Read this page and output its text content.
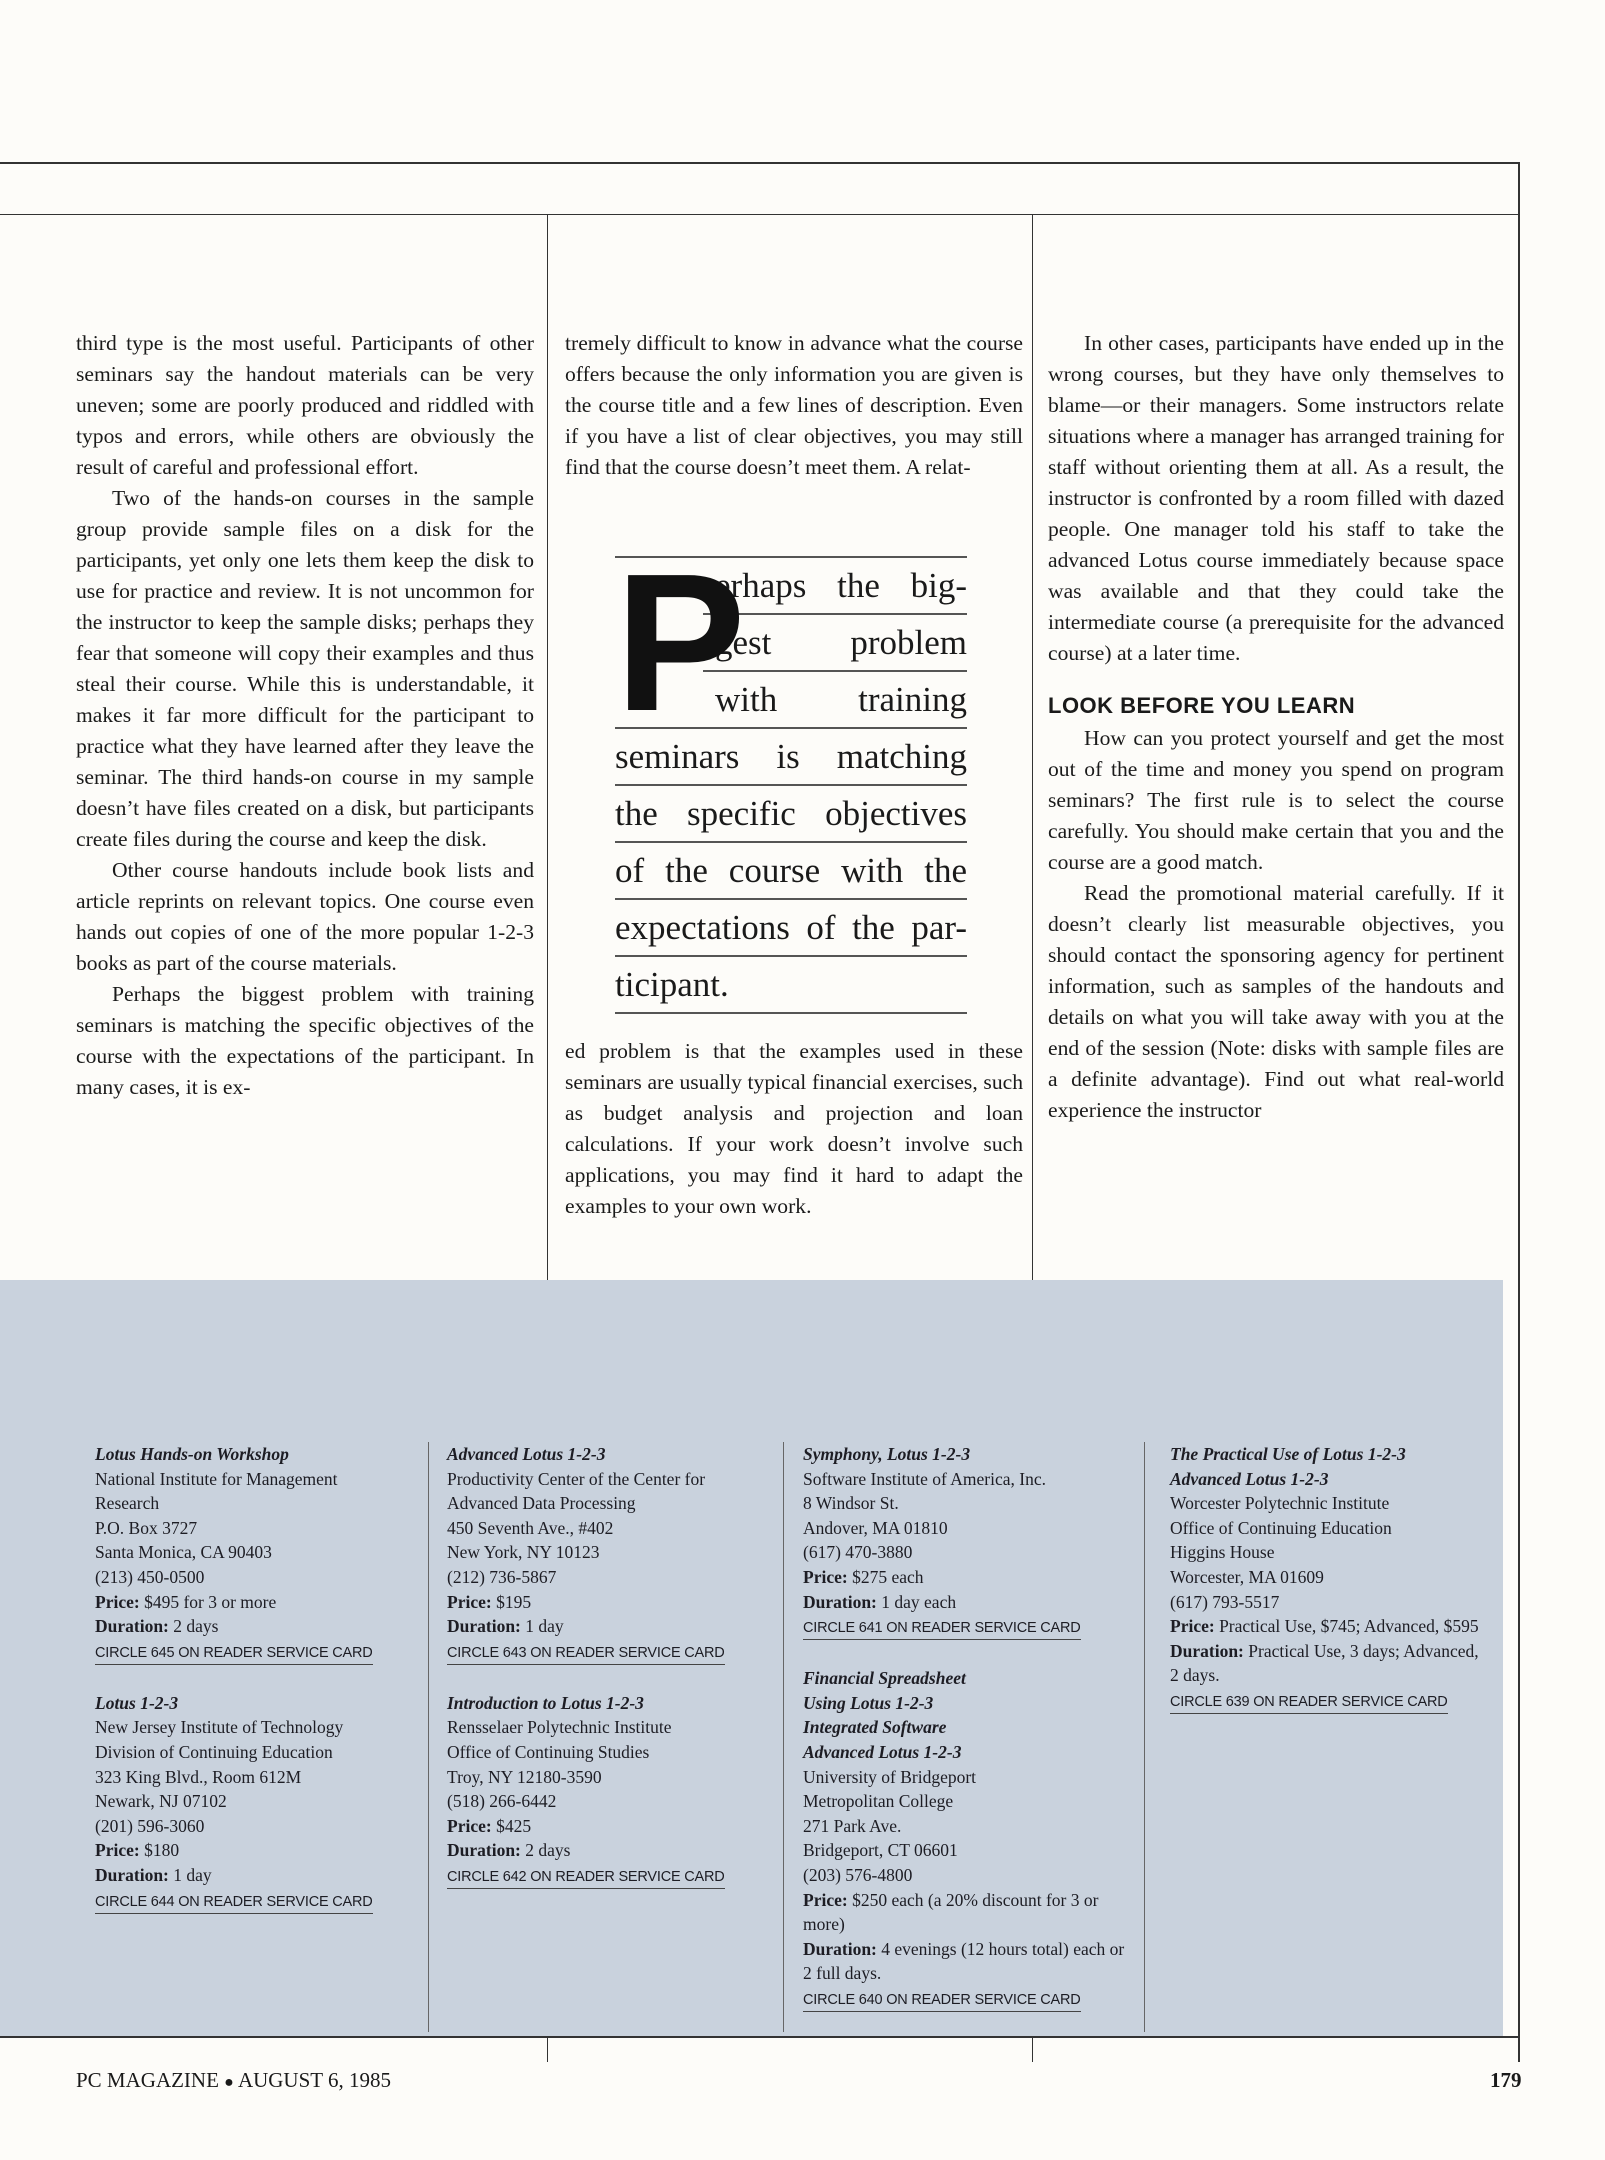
third type is the most useful. Participants of other seminars say the handout materials can be very uneven; some are poorly produced and riddled with typos and errors, while others are obviously the result of careful and professional effort.

Two of the hands-on courses in the sample group provide sample files on a disk for the participants, yet only one lets them keep the disk to use for practice and review. It is not uncommon for the instructor to keep the sample disks; perhaps they fear that someone will copy their examples and thus steal their course. While this is understandable, it makes it far more difficult for the participant to practice what they have learned after they leave the seminar. The third hands-on course in my sample doesn’t have files created on a disk, but participants create files during the course and keep the disk.

Other course handouts include book lists and article reprints on relevant topics. One course even hands out copies of one of the more popular 1-2-3 books as part of the course materials.

Perhaps the biggest problem with training seminars is matching the specific objectives of the course with the expectations of the participant. In many cases, it is ex-

tremely difficult to know in advance what the course offers because the only information you are given is the course title and a few lines of description. Even if you have a list of clear objectives, you may still find that the course doesn’t meet them. A relat-

ed problem is that the examples used in these seminars are usually typical financial exercises, such as budget analysis and projection and loan calculations. If your work doesn’t involve such applications, you may find it hard to adapt the examples to your own work.

P
erhaps the big-
gest problem
with training
seminars is matching
the specific objectives
of the course with the
expectations of the par-
ticipant.

In other cases, participants have ended up in the wrong courses, but they have only themselves to blame—or their managers. Some instructors relate situations where a manager has arranged training for staff without orienting them at all. As a result, the instructor is confronted by a room filled with dazed people. One manager told his staff to take the advanced Lotus course immediately because space was available and that they could take the intermediate course (a prerequisite for the advanced course) at a later time.

LOOK BEFORE YOU LEARN

How can you protect yourself and get the most out of the time and money you spend on program seminars? The first rule is to select the course carefully. You should make certain that you and the course are a good match.

Read the promotional material carefully. If it doesn’t clearly list measurable objectives, you should contact the sponsoring agency for pertinent information, such as samples of the handouts and details on what you will take away with you at the end of the session (Note: disks with sample files are a definite advantage). Find out what real-world experience the instructor

Lotus Hands-on Workshop
National Institute for Management
Research
P.O. Box 3727
Santa Monica, CA 90403
(213) 450-0500
Price: $495 for 3 or more
Duration: 2 days
CIRCLE 645 ON READER SERVICE CARD
Lotus 1-2-3
New Jersey Institute of Technology
Division of Continuing Education
323 King Blvd., Room 612M
Newark, NJ 07102
(201) 596-3060
Price: $180
Duration: 1 day
CIRCLE 644 ON READER SERVICE CARD
Advanced Lotus 1-2-3
Productivity Center of the Center for
Advanced Data Processing
450 Seventh Ave., #402
New York, NY 10123
(212) 736-5867
Price: $195
Duration: 1 day
CIRCLE 643 ON READER SERVICE CARD
Introduction to Lotus 1-2-3
Rensselaer Polytechnic Institute
Office of Continuing Studies
Troy, NY 12180-3590
(518) 266-6442
Price: $425
Duration: 2 days
CIRCLE 642 ON READER SERVICE CARD
Symphony, Lotus 1-2-3
Software Institute of America, Inc.
8 Windsor St.
Andover, MA 01810
(617) 470-3880
Price: $275 each
Duration: 1 day each
CIRCLE 641 ON READER SERVICE CARD
Financial Spreadsheet
Using Lotus 1-2-3
Integrated Software
Advanced Lotus 1-2-3
University of Bridgeport
Metropolitan College
271 Park Ave.
Bridgeport, CT 06601
(203) 576-4800
Price: $250 each (a 20% discount for 3 or more)
Duration: 4 evenings (12 hours total) each or 2 full days.
CIRCLE 640 ON READER SERVICE CARD
The Practical Use of Lotus 1-2-3
Advanced Lotus 1-2-3
Worcester Polytechnic Institute
Office of Continuing Education
Higgins House
Worcester, MA 01609
(617) 793-5517
Price: Practical Use, $745; Advanced, $595
Duration: Practical Use, 3 days; Advanced, 2 days.
CIRCLE 639 ON READER SERVICE CARD
PC MAGAZINE ● AUGUST 6, 1985	179
